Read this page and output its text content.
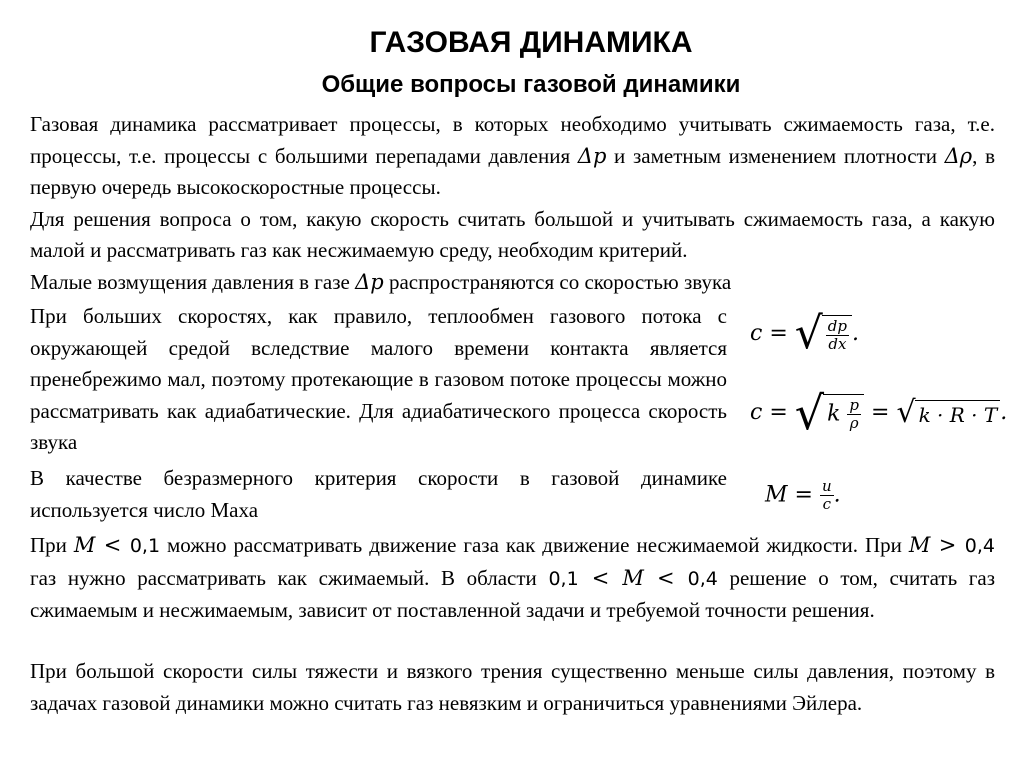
ГАЗОВАЯ ДИНАМИКА
Общие вопросы газовой динамики

Газовая динамика рассматривает процессы, в которых необходимо учитывать сжимаемость газа, т.е. процессы, т.е. процессы с большими перепадами давления Δp и заметным изменением плотности Δρ, в первую очередь высокоскоростные процессы.
Для решения вопроса о том, какую скорость считать большой и учитывать сжимаемость газа, а какую малой и рассматривать газ как несжимаемую среду, необходим критерий.
Малые возмущения давления в газе Δp распространяются со скоростью звука

При больших скоростях, как правило, теплообмен газового потока с окружающей средой вследствие малого времени контакта является пренебрежимо мал, поэтому протекающие в газовом потоке процессы можно рассматривать как адиабатические. Для адиабатического процесса скорость звука

В качестве безразмерного критерия скорости в газовой динамике используется число Маха

c = √ $\frac{dp}{dx}$ .
c = √ k $\frac{p}{\rho}$ = √ k · R · T .
$M = \frac{u}{c}$ .

При M < 0,1 можно рассматривать движение газа как движение несжимаемой жидкости. При M > 0,4 газ нужно рассматривать как сжимаемый. В области 0,1 < M < 0,4 решение о том, считать газ сжимаемым и несжимаемым, зависит от поставленной задачи и требуемой точности решения.

При большой скорости силы тяжести и вязкого трения существенно меньше силы давления, поэтому в задачах газовой динамики можно считать газ невязким и ограничиться уравнениями Эйлера.
